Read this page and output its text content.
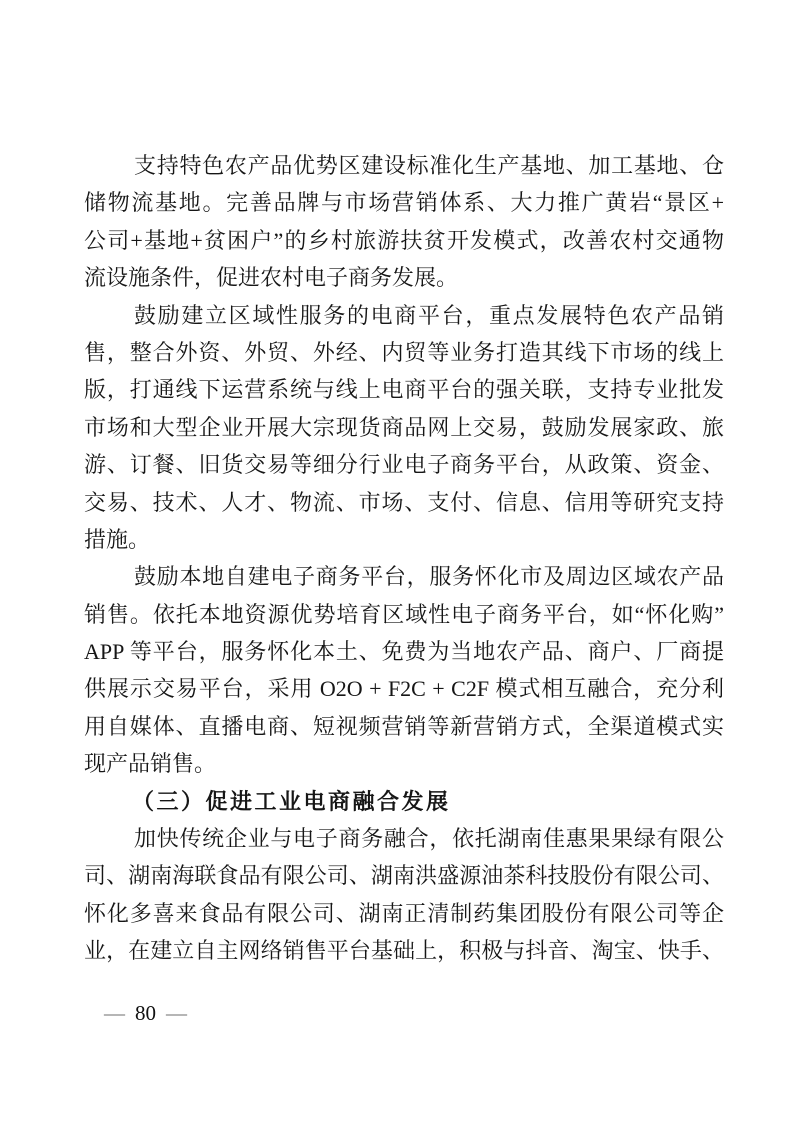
支持特色农产品优势区建设标准化生产基地、加工基地、仓
储物流基地。完善品牌与市场营销体系、大力推广黄岩“景区+
公司+基地+贫困户”的乡村旅游扶贫开发模式，改善农村交通物
流设施条件，促进农村电子商务发展。
鼓励建立区域性服务的电商平台，重点发展特色农产品销
售，整合外资、外贸、外经、内贸等业务打造其线下市场的线上
版，打通线下运营系统与线上电商平台的强关联，支持专业批发
市场和大型企业开展大宗现货商品网上交易，鼓励发展家政、旅
游、订餐、旧货交易等细分行业电子商务平台，从政策、资金、
交易、技术、人才、物流、市场、支付、信息、信用等研究支持
措施。
鼓励本地自建电子商务平台，服务怀化市及周边区域农产品
销售。依托本地资源优势培育区域性电子商务平台，如“怀化购”
APP 等平台，服务怀化本土、免费为当地农产品、商户、厂商提
供展示交易平台，采用 O2O + F2C + C2F 模式相互融合，充分利
用自媒体、直播电商、短视频营销等新营销方式，全渠道模式实
现产品销售。
（三）促进工业电商融合发展
加快传统企业与电子商务融合，依托湖南佳惠果果绿有限公
司、湖南海联食品有限公司、湖南洪盛源油茶科技股份有限公司、
怀化多喜来食品有限公司、湖南正清制药集团股份有限公司等企
业，在建立自主网络销售平台基础上，积极与抖音、淘宝、快手、
— 80 —
